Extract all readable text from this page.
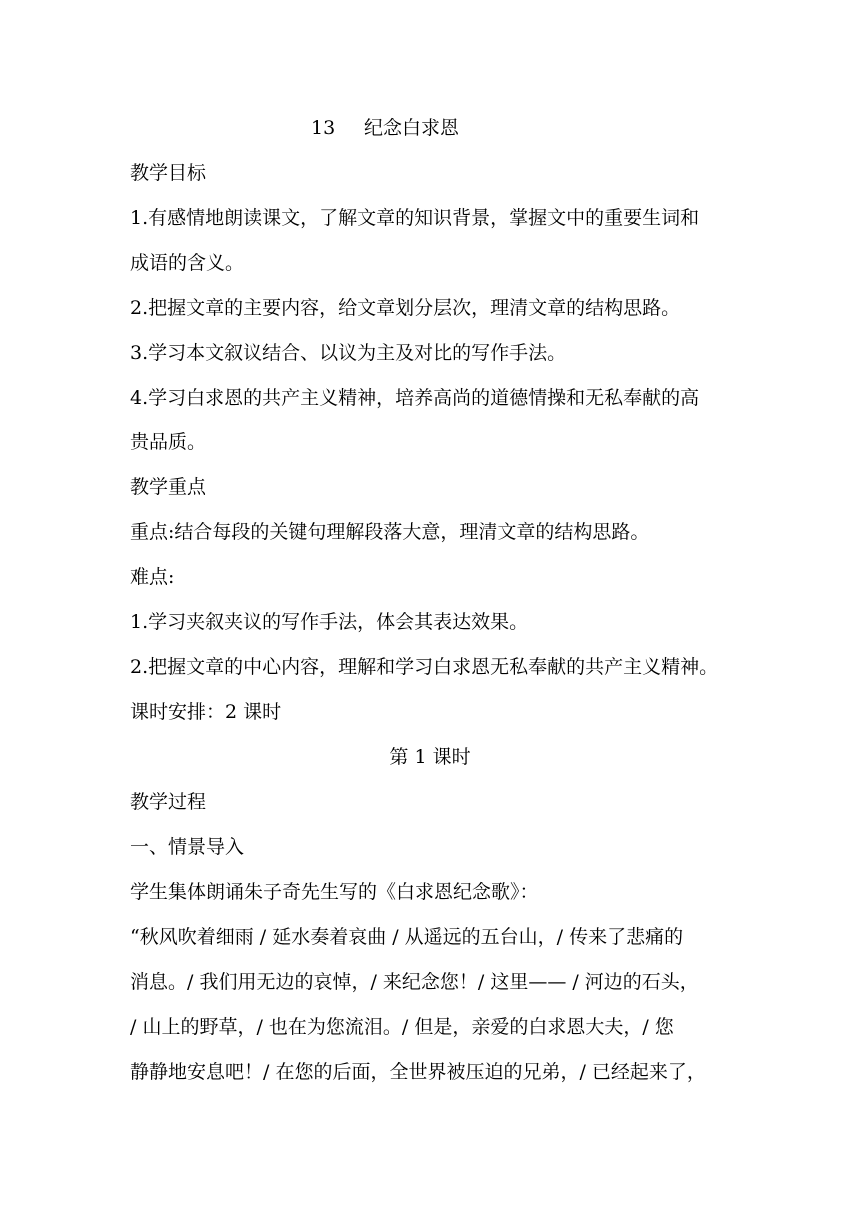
13 纪念白求恩
教学目标
1.有感情地朗读课文，了解文章的知识背景，掌握文中的重要生词和
成语的含义。
2.把握文章的主要内容，给文章划分层次，理清文章的结构思路。
3.学习本文叙议结合、以议为主及对比的写作手法。
4.学习白求恩的共产主义精神，培养高尚的道德情操和无私奉献的高
贵品质。
教学重点
重点:结合每段的关键句理解段落大意，理清文章的结构思路。
难点:
1.学习夹叙夹议的写作手法，体会其表达效果。
2.把握文章的中心内容，理解和学习白求恩无私奉献的共产主义精神。
课时安排：2 课时
第 1 课时
教学过程
一、情景导入
学生集体朗诵朱子奇先生写的《白求恩纪念歌》：
“秋风吹着细雨 / 延水奏着哀曲 / 从遥远的五台山，/ 传来了悲痛的
消息。/ 我们用无边的哀悼，/ 来纪念您！/ 这里—— / 河边的石头，
/ 山上的野草，/ 也在为您流泪。/ 但是，亲爱的白求恩大夫，/ 您
静静地安息吧！/ 在您的后面，全世界被压迫的兄弟，/ 已经起来了，
